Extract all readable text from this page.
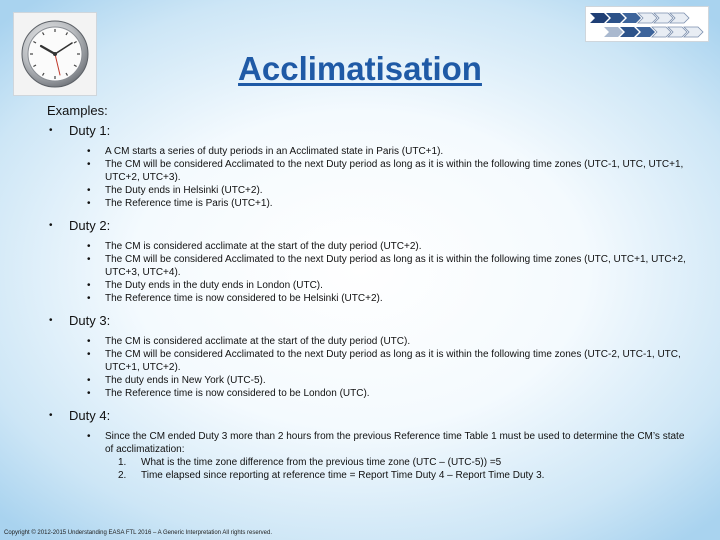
Acclimatisation
Examples:
• Duty 1:
• A CM starts a series of duty periods in an Acclimated state in Paris (UTC+1).
• The CM will be considered Acclimated to the next Duty period as long as it is within the following time zones (UTC-1, UTC, UTC+1, UTC+2, UTC+3).
• The Duty ends in Helsinki (UTC+2).
• The Reference time is Paris (UTC+1).
• Duty 2:
• The CM is considered acclimate at the start of the duty period (UTC+2).
• The CM will be considered Acclimated to the next Duty period as long as it is within the following time zones (UTC, UTC+1, UTC+2, UTC+3, UTC+4).
• The Duty ends in the duty ends in London (UTC).
• The Reference time is now considered to be Helsinki (UTC+2).
• Duty 3:
• The CM is considered acclimate at the start of the duty period (UTC).
• The CM will be considered Acclimated to the next Duty period as long as it is within the following time zones (UTC-2, UTC-1, UTC, UTC+1, UTC+2).
• The duty ends in New York (UTC-5).
• The Reference time is now considered to be London (UTC).
• Duty 4:
• Since the CM ended Duty 3 more than 2 hours from the previous Reference time Table 1 must be used to determine the CM’s state of acclimatization:
1. What is the time zone difference from the previous time zone (UTC – (UTC-5)) =5
2. Time elapsed since reporting at reference time = Report Time Duty 4 – Report Time Duty 3.
Copyright © 2012-2015 Understanding EASA FTL 2016 – A Generic Interpretation All rights reserved.
